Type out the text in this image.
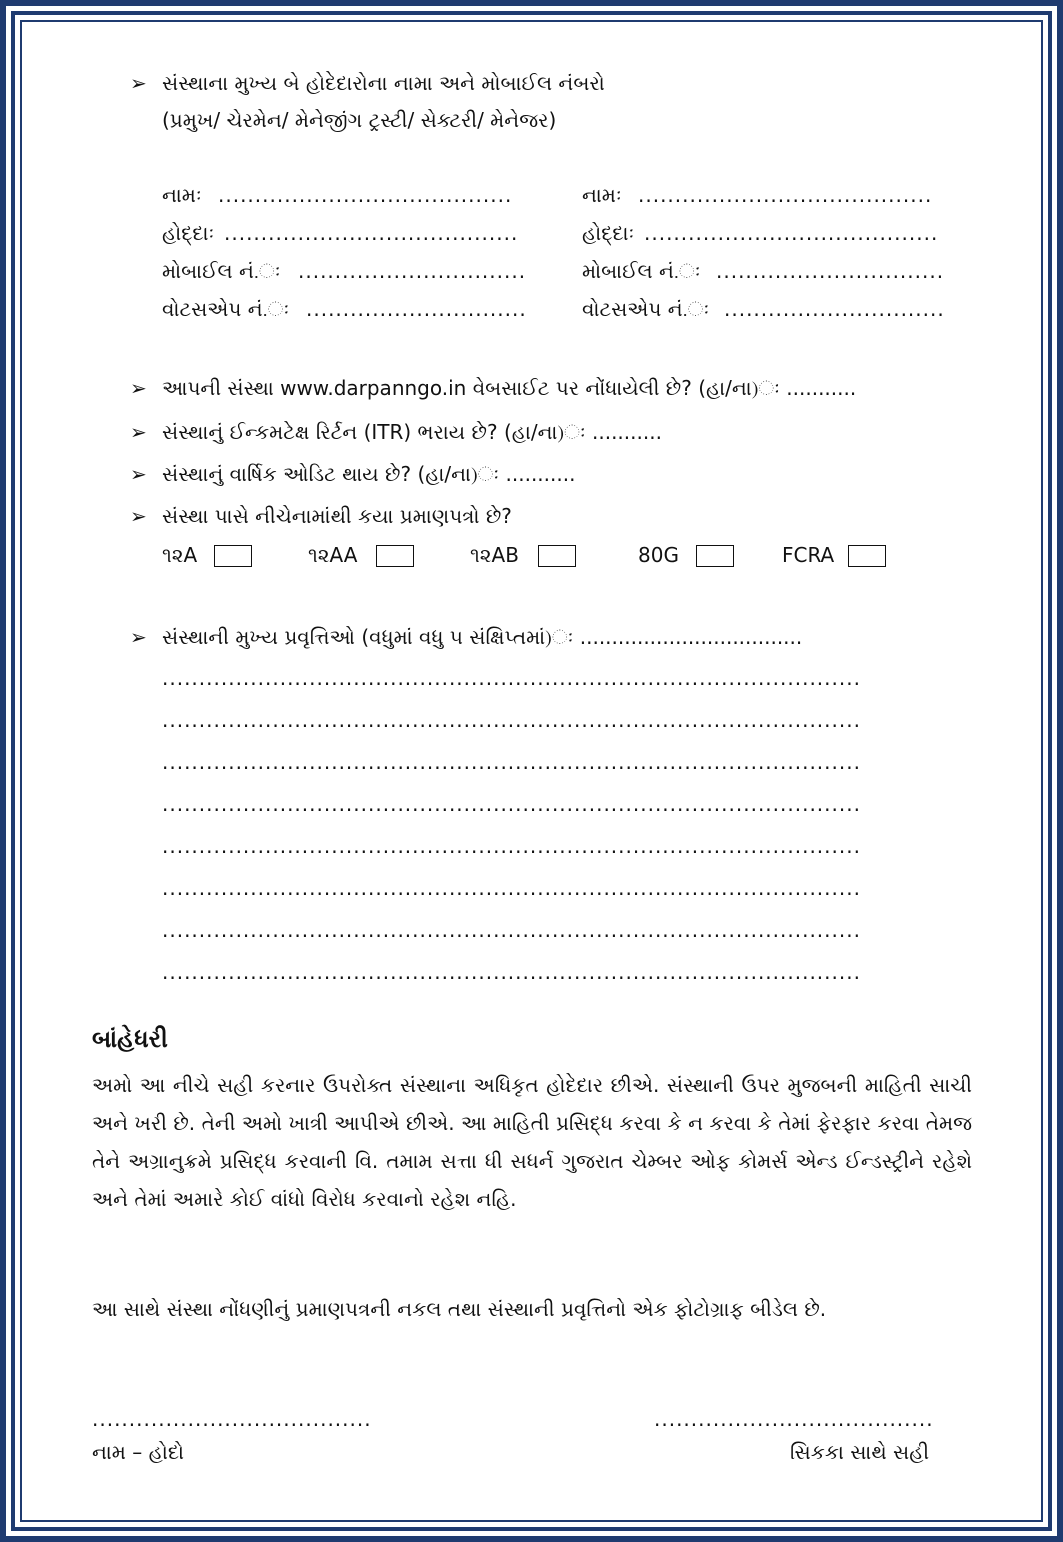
➢ સંસ્થાના મુખ્ય બે હોદેદારોના નામા અને મોબાઈલ નંબરો
(પ્રમુખ/ ચેરમેન/ મેનેજીંગ ટ્રસ્ટી/ સેક્ટરી/ મેનેજર)
નામઃ ........................................
હોદ્દાઃ ........................................
મોબાઈલ નં.ઃ ...............................
વોટસએપ નં.ઃ ..............................
નામઃ ........................................
હોદ્દાઃ ........................................
મોબાઈલ નં.ઃ ...............................
વોટસએપ નં.ઃ ..............................
➢ આપની સંસ્થા www.darpanngo.in વેબસાઈટ પર નોંધાયેલી છે? (હા/ના)ઃ ...........
➢ સંસ્થાનું ઈન્કમટેક્ષ રિર્ટન (ITR) ભરાય છે? (હા/ના)ઃ ...........
➢ સંસ્થાનું વાર્ષિક ઓડિટ થાય છે? (હા/ના)ઃ ...........
➢ સંસ્થા પાસે નીચેનામાંથી કયા પ્રમાણપત્રો છે?
૧૨A	૧૨AA	૧૨AB	80G	FCRA
➢ સંસ્થાની મુખ્ય પ્રવૃત્તિઓ (વધુમાં વધુ ૫ સંક્ષિપ્તમાં)ઃ ...................................
...............................................................................................
...............................................................................................
...............................................................................................
...............................................................................................
...............................................................................................
...............................................................................................
...............................................................................................
...............................................................................................
બાંહેધરી
અમો આ નીચે સહી કરનાર ઉપરોક્ત સંસ્થાના અધિકૃત હોદેદાર છીએ. સંસ્થાની ઉપર મુજબની માહિતી સાચી અને ખરી છે. તેની અમો ખાત્રી આપીએ છીએ. આ માહિતી પ્રસિદ્ધ કરવા કે ન કરવા કે તેમાં ફેરફાર કરવા તેમજ તેને અગ્રાનુક્રમે પ્રસિદ્ધ કરવાની વિ. તમામ સત્તા ધી સધર્ન ગુજરાત ચેમ્બર ઓફ કોમર્સ એન્ડ ઈન્ડસ્ટ્રીને રહેશે અને તેમાં અમારે કોઈ વાંધો વિરોધ કરવાનો રહેશ નહિ.
આ સાથે સંસ્થા નોંધણીનું પ્રમાણપત્રની નકલ તથા સંસ્થાની પ્રવૃત્તિનો એક ફોટોગ્રાફ બીડેલ છે.
......................................
નામ – હોદો
......................................
સિકકા સાથે સહી
